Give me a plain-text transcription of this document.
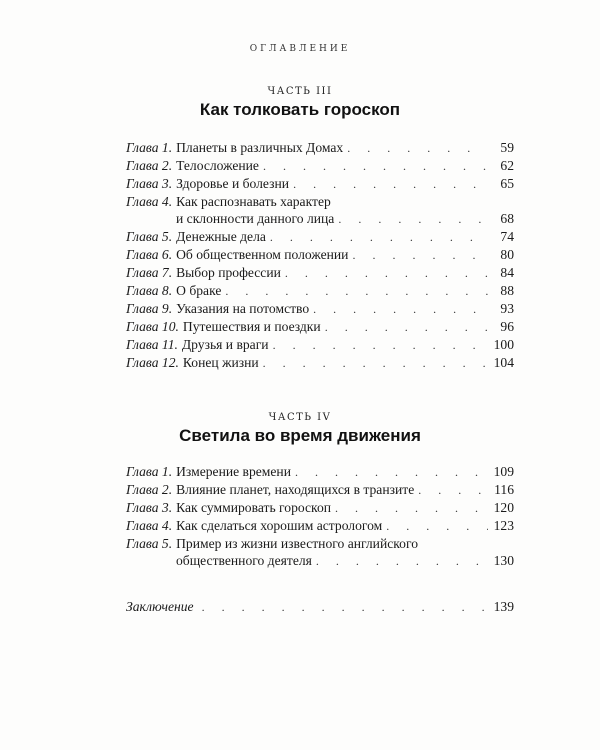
ОГЛАВЛЕНИЕ
ЧАСТЬ III
Как толковать гороскоп
Глава 1. Планеты в различных Домах . . .	59
Глава 2. Телосложение . . .	62
Глава 3. Здоровье и болезни . . .	65
Глава 4. Как распознавать характер
и склонности данного лица . . .	68
Глава 5. Денежные дела . . .	74
Глава 6. Об общественном положении . . .	80
Глава 7. Выбор профессии . . .	84
Глава 8. О браке . . .	88
Глава 9. Указания на потомство . . .	93
Глава 10. Путешествия и поездки . . .	96
Глава 11. Друзья и враги . . .	100
Глава 12. Конец жизни . . .	104
ЧАСТЬ IV
Светила во время движения
Глава 1. Измерение времени . . .	109
Глава 2. Влияние планет, находящихся в транзите . . .	116
Глава 3. Как суммировать гороскоп . . .	120
Глава 4. Как сделаться хорошим астрологом . . .	123
Глава 5. Пример из жизни известного английского
общественного деятеля . . .	130
Заключение . . .	139
